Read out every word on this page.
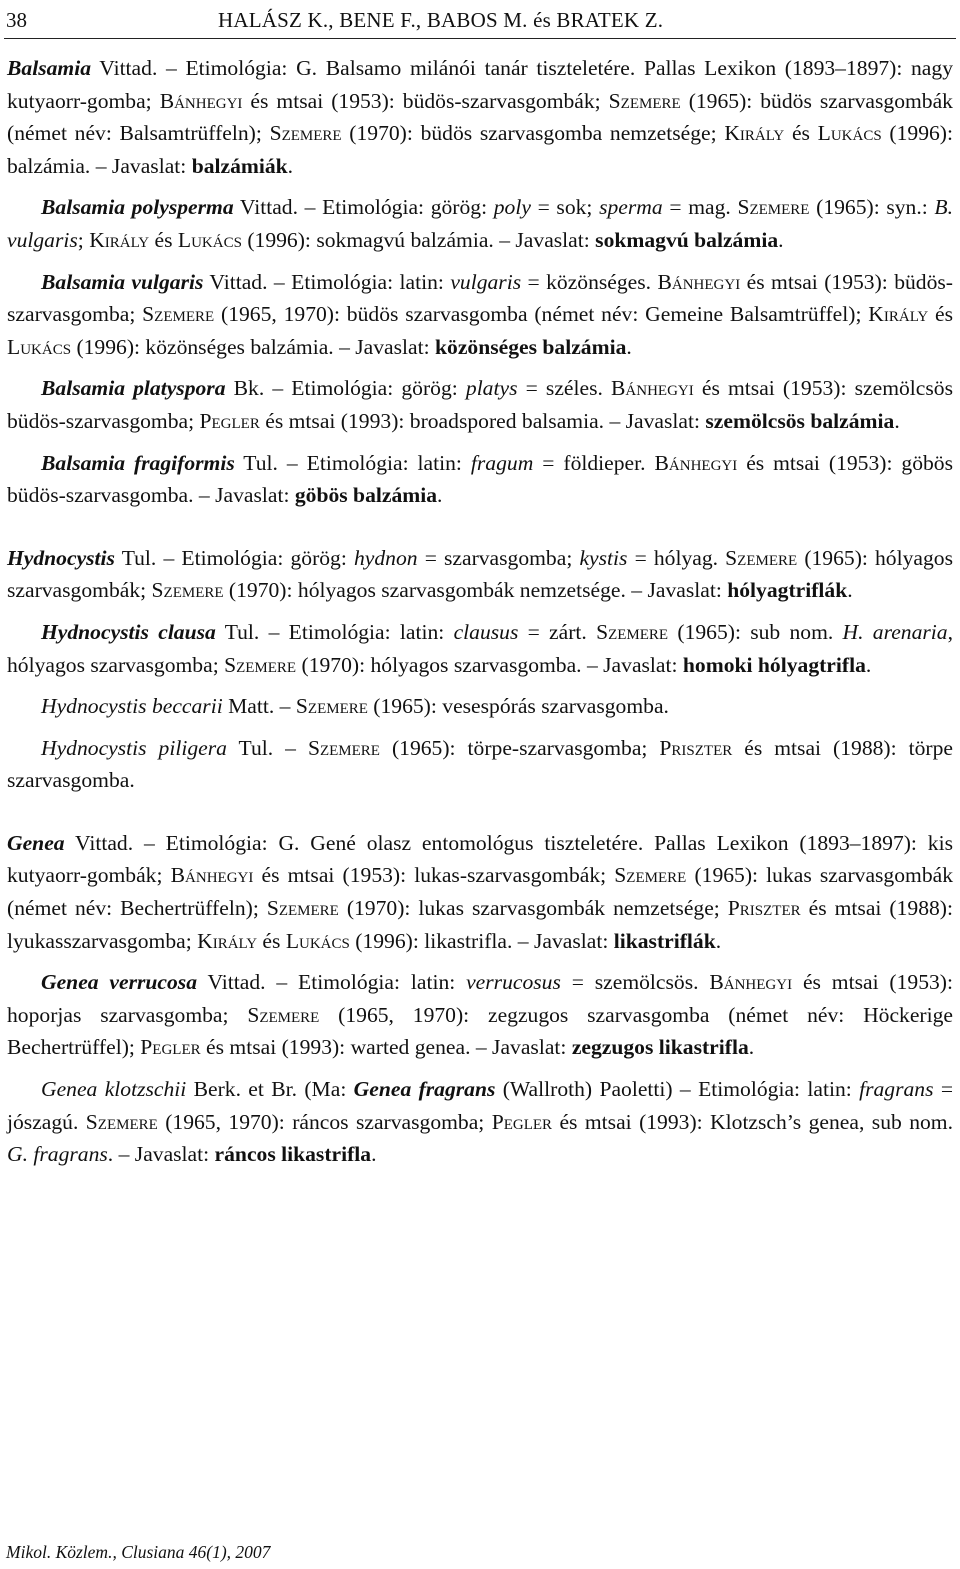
38	HALÁSZ K., BENE F., BABOS M. és BRATEK Z.

Balsamia Vittad. – Etimológia: G. Balsamo milánói tanár tiszteletére. Pallas Lexikon (1893–1897): nagy kutyaorr-gomba; Bánhegyi és mtsai (1953): büdös-szarvasgombák; Szemere (1965): büdös szarvasgombák (német név: Balsamtrüffeln); Szemere (1970): büdös szarvasgomba nemzetsége; Király és Lukács (1996): balzámia. – Javaslat: balzámiák.

Balsamia polysperma Vittad. – Etimológia: görög: poly = sok; sperma = mag. Szemere (1965): syn.: B. vulgaris; Király és Lukács (1996): sokmagvú balzámia. – Javaslat: sokmagvú balzámia.

Balsamia vulgaris Vittad. – Etimológia: latin: vulgaris = közönséges. Bánhegyi és mtsai (1953): büdös-szarvasgomba; Szemere (1965, 1970): büdös szarvasgomba (német név: Gemeine Balsamtrüffel); Király és Lukács (1996): közönséges balzámia. – Javaslat: közönséges balzámia.

Balsamia platyspora Bk. – Etimológia: görög: platys = széles. Bánhegyi és mtsai (1953): szemölcsös büdös-szarvasgomba; Pegler és mtsai (1993): broadspored balsamia. – Javaslat: szemölcsös balzámia.

Balsamia fragiformis Tul. – Etimológia: latin: fragum = földieper. Bánhegyi és mtsai (1953): göbös büdös-szarvasgomba. – Javaslat: göbös balzámia.

Hydnocystis Tul. – Etimológia: görög: hydnon = szarvasgomba; kystis = hólyag. Szemere (1965): hólyagos szarvasgombák; Szemere (1970): hólyagos szarvasgombák nemzetsége. – Javaslat: hólyagtriflák.

Hydnocystis clausa Tul. – Etimológia: latin: clausus = zárt. Szemere (1965): sub nom. H. arenaria, hólyagos szarvasgomba; Szemere (1970): hólyagos szarvasgomba. – Javaslat: homoki hólyagtrifla.

Hydnocystis beccarii Matt. – Szemere (1965): vesespórás szarvasgomba.

Hydnocystis piligera Tul. – Szemere (1965): törpe-szarvasgomba; Priszter és mtsai (1988): törpe szarvasgomba.

Genea Vittad. – Etimológia: G. Gené olasz entomológus tiszteletére. Pallas Lexikon (1893–1897): kis kutyaorr-gombák; Bánhegyi és mtsai (1953): lukas-szarvasgombák; Szemere (1965): lukas szarvasgombák (német név: Bechertrüffeln); Szemere (1970): lukas szarvasgombák nemzetsége; Priszter és mtsai (1988): lyukasszarvasgomba; Király és Lukács (1996): likastrifla. – Javaslat: likastriflák.

Genea verrucosa Vittad. – Etimológia: latin: verrucosus = szemölcsös. Bánhegyi és mtsai (1953): hoporjas szarvasgomba; Szemere (1965, 1970): zegzugos szarvasgomba (német név: Höckerige Bechertrüffel); Pegler és mtsai (1993): warted genea. – Javaslat: zegzugos likastrifla.

Genea klotzschii Berk. et Br. (Ma: Genea fragrans (Wallroth) Paoletti) – Etimológia: latin: fragrans = jószagú. Szemere (1965, 1970): ráncos szarvasgomba; Pegler és mtsai (1993): Klotzsch’s genea, sub nom. G. fragrans. – Javaslat: ráncos likastrifla.

Mikol. Közlem., Clusiana 46(1), 2007
